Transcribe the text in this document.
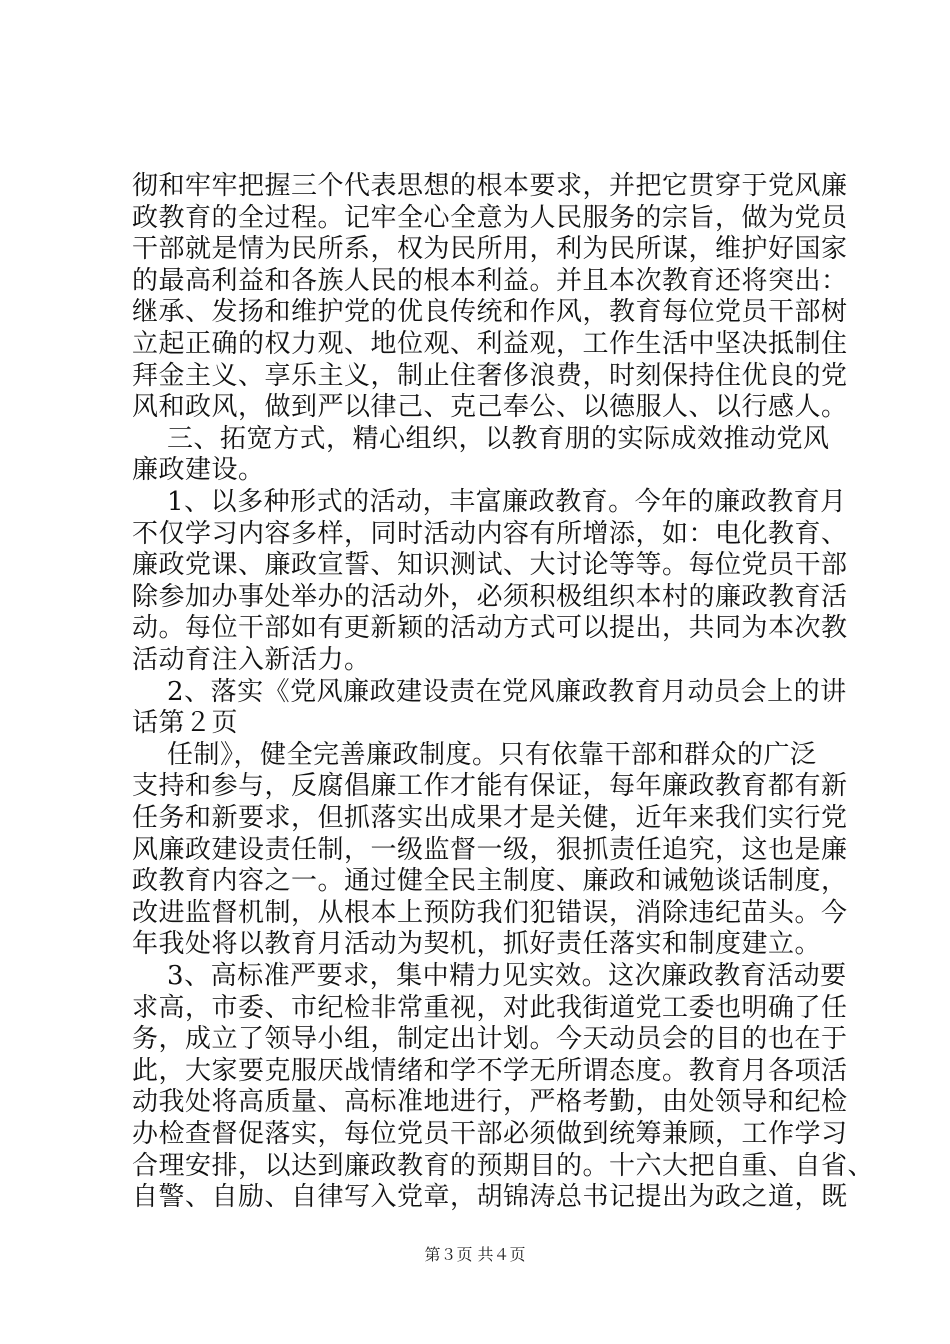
彻和牢牢把握三个代表思想的根本要求，并把它贯穿于党风廉
政教育的全过程。记牢全心全意为人民服务的宗旨，做为党员
干部就是情为民所系，权为民所用，利为民所谋，维护好国家
的最高利益和各族人民的根本利益。并且本次教育还将突出：
继承、发扬和维护党的优良传统和作风，教育每位党员干部树
立起正确的权力观、地位观、利益观，工作生活中坚决抵制住
拜金主义、享乐主义，制止住奢侈浪费，时刻保持住优良的党
风和政风，做到严以律己、克己奉公、以德服人、以行感人。
三、拓宽方式，精心组织，以教育朋的实际成效推动党风
廉政建设。
1、以多种形式的活动，丰富廉政教育。今年的廉政教育月
不仅学习内容多样，同时活动内容有所增添，如：电化教育、
廉政党课、廉政宣誓、知识测试、大讨论等等。每位党员干部
除参加办事处举办的活动外，必须积极组织本村的廉政教育活
动。每位干部如有更新颖的活动方式可以提出，共同为本次教
活动育注入新活力。
2、落实《党风廉政建设责在党风廉政教育月动员会上的讲
话第２页
任制》，健全完善廉政制度。只有依靠干部和群众的广泛
支持和参与，反腐倡廉工作才能有保证，每年廉政教育都有新
任务和新要求，但抓落实出成果才是关健，近年来我们实行党
风廉政建设责任制，一级监督一级，狠抓责任追究，这也是廉
政教育内容之一。通过健全民主制度、廉政和诫勉谈话制度，
改进监督机制，从根本上预防我们犯错误，消除违纪苗头。今
年我处将以教育月活动为契机，抓好责任落实和制度建立。
3、高标准严要求，集中精力见实效。这次廉政教育活动要
求高，市委、市纪检非常重视，对此我街道党工委也明确了任
务，成立了领导小组，制定出计划。今天动员会的目的也在于
此，大家要克服厌战情绪和学不学无所谓态度。教育月各项活
动我处将高质量、高标准地进行，严格考勤，由处领导和纪检
办检查督促落实，每位党员干部必须做到统筹兼顾，工作学习
合理安排，以达到廉政教育的预期目的。十六大把自重、自省、
自警、自励、自律写入党章，胡锦涛总书记提出为政之道，既
第３页 共４页
